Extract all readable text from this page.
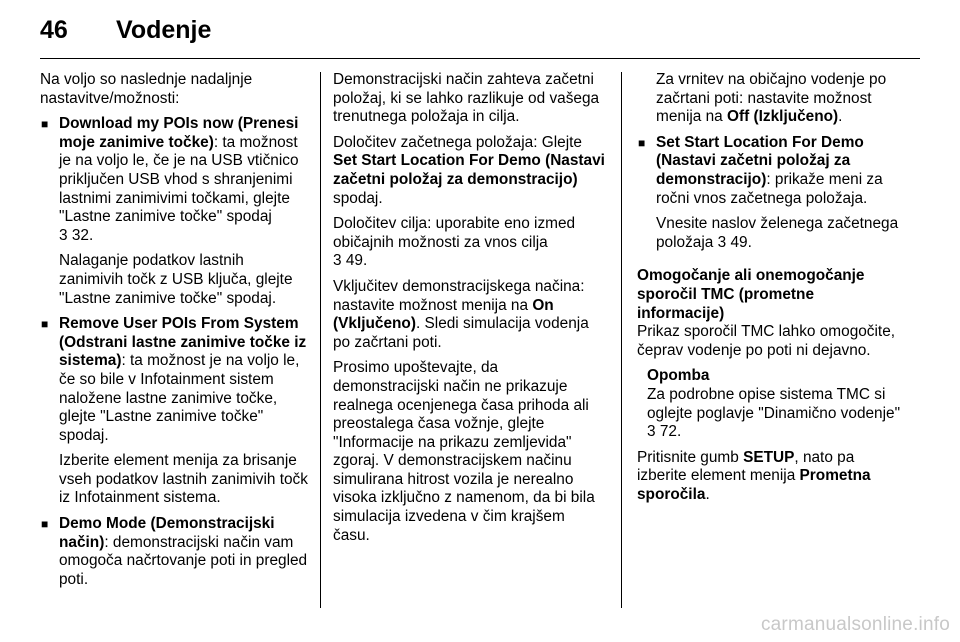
46	Vodenje

Na voljo so naslednje nadaljnje nastavitve/možnosti:

■ Download my POIs now (Prenesi moje zanimive točke): ta možnost je na voljo le, če je na USB vtičnico priključen USB vhod s shranjenimi lastnimi zanimivimi točkami, glejte "Lastne zanimive točke" spodaj
3 32.

Nalaganje podatkov lastnih zanimivih točk z USB ključa, glejte "Lastne zanimive točke" spodaj.

■ Remove User POIs From System (Odstrani lastne zanimive točke iz sistema): ta možnost je na voljo le, če so bile v Infotainment sistem naložene lastne zanimive točke, glejte "Lastne zanimive točke" spodaj.

Izberite element menija za brisanje vseh podatkov lastnih zanimivih točk iz Infotainment sistema.

■ Demo Mode (Demonstracijski način): demonstracijski način vam omogoča načrtovanje poti in pregled poti.

Demonstracijski način zahteva začetni položaj, ki se lahko razlikuje od vašega trenutnega položaja in cilja.

Določitev začetnega položaja: Glejte Set Start Location For Demo (Nastavi začetni položaj za demonstracijo) spodaj.

Določitev cilja: uporabite eno izmed običajnih možnosti za vnos cilja
3 49.

Vključitev demonstracijskega načina: nastavite možnost menija na On (Vključeno). Sledi simulacija vodenja po začrtani poti.

Prosimo upoštevajte, da demonstracijski način ne prikazuje realnega ocenjenega časa prihoda ali preostalega časa vožnje, glejte "Informacije na prikazu zemljevida" zgoraj. V demonstracijskem načinu simulirana hitrost vozila je nerealno visoka izključno z namenom, da bi bila simulacija izvedena v čim krajšem času.

Za vrnitev na običajno vodenje po začrtani poti: nastavite možnost menija na Off (Izključeno).

■ Set Start Location For Demo (Nastavi začetni položaj za demonstracijo): prikaže meni za ročni vnos začetnega položaja.

Vnesite naslov želenega začetnega položaja 3 49.

Omogočanje ali onemogočanje sporočil TMC (prometne informacije)

Prikaz sporočil TMC lahko omogočite, čeprav vodenje po poti ni dejavno.

Opomba
Za podrobne opise sistema TMC si oglejte poglavje "Dinamično vodenje" 3 72.

Pritisnite gumb SETUP, nato pa izberite element menija Prometna sporočila.

carmanualsonline.info
